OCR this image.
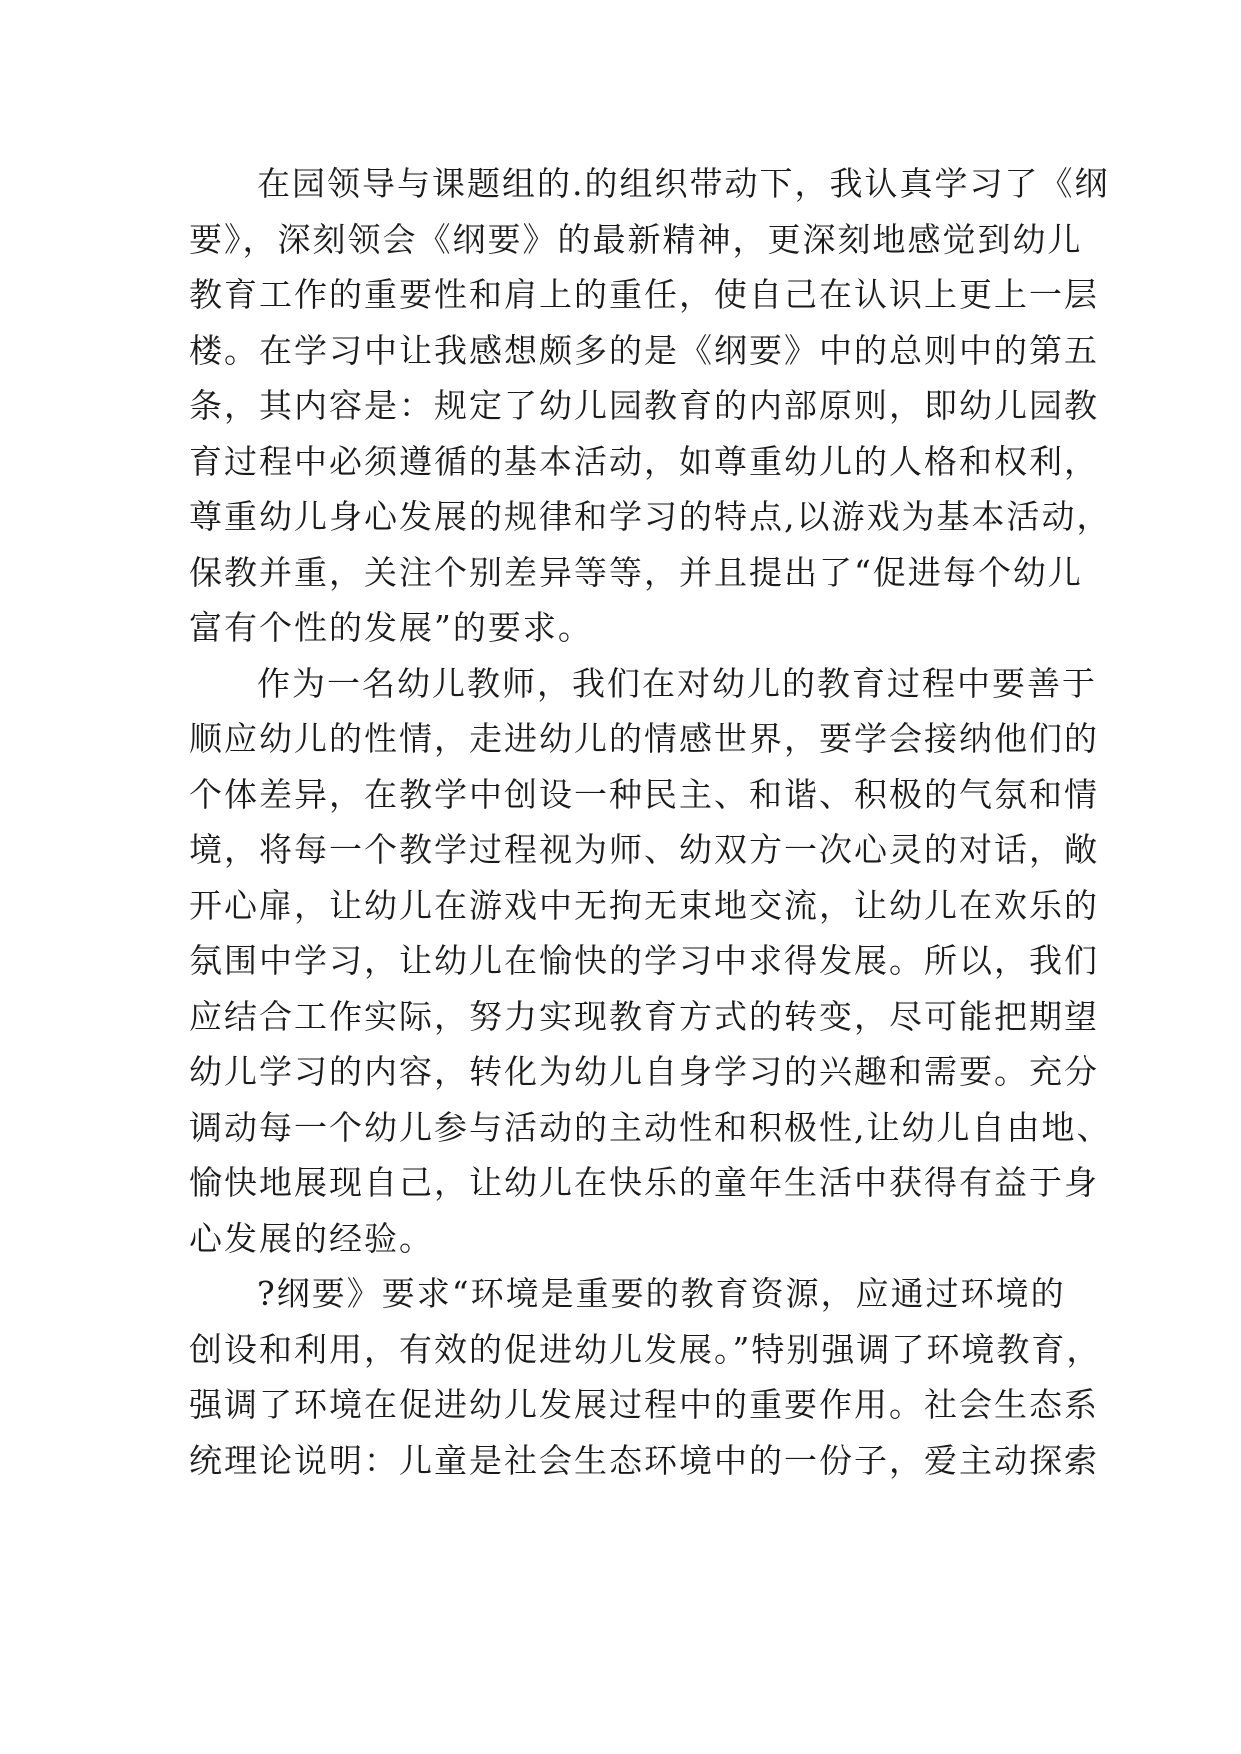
在园领导与课题组的.的组织带动下，我认真学习了《纲
要》，深刻领会《纲要》的最新精神，更深刻地感觉到幼儿
教育工作的重要性和肩上的重任，使自己在认识上更上一层
楼。在学习中让我感想颇多的是《纲要》中的总则中的第五
条，其内容是：规定了幼儿园教育的内部原则，即幼儿园教
育过程中必须遵循的基本活动，如尊重幼儿的人格和权利，
尊重幼儿身心发展的规律和学习的特点,以游戏为基本活动，
保教并重，关注个别差异等等，并且提出了“促进每个幼儿
富有个性的发展”的要求。
作为一名幼儿教师，我们在对幼儿的教育过程中要善于
顺应幼儿的性情，走进幼儿的情感世界，要学会接纳他们的
个体差异，在教学中创设一种民主、和谐、积极的气氛和情
境，将每一个教学过程视为师、幼双方一次心灵的对话，敞
开心扉，让幼儿在游戏中无拘无束地交流，让幼儿在欢乐的
氛围中学习，让幼儿在愉快的学习中求得发展。所以，我们
应结合工作实际，努力实现教育方式的转变，尽可能把期望
幼儿学习的内容，转化为幼儿自身学习的兴趣和需要。充分
调动每一个幼儿参与活动的主动性和积极性,让幼儿自由地、
愉快地展现自己，让幼儿在快乐的童年生活中获得有益于身
心发展的经验。
?纲要》要求“环境是重要的教育资源，应通过环境的
创设和利用，有效的促进幼儿发展。”特别强调了环境教育，
强调了环境在促进幼儿发展过程中的重要作用。社会生态系
统理论说明：儿童是社会生态环境中的一份子，爱主动探索
